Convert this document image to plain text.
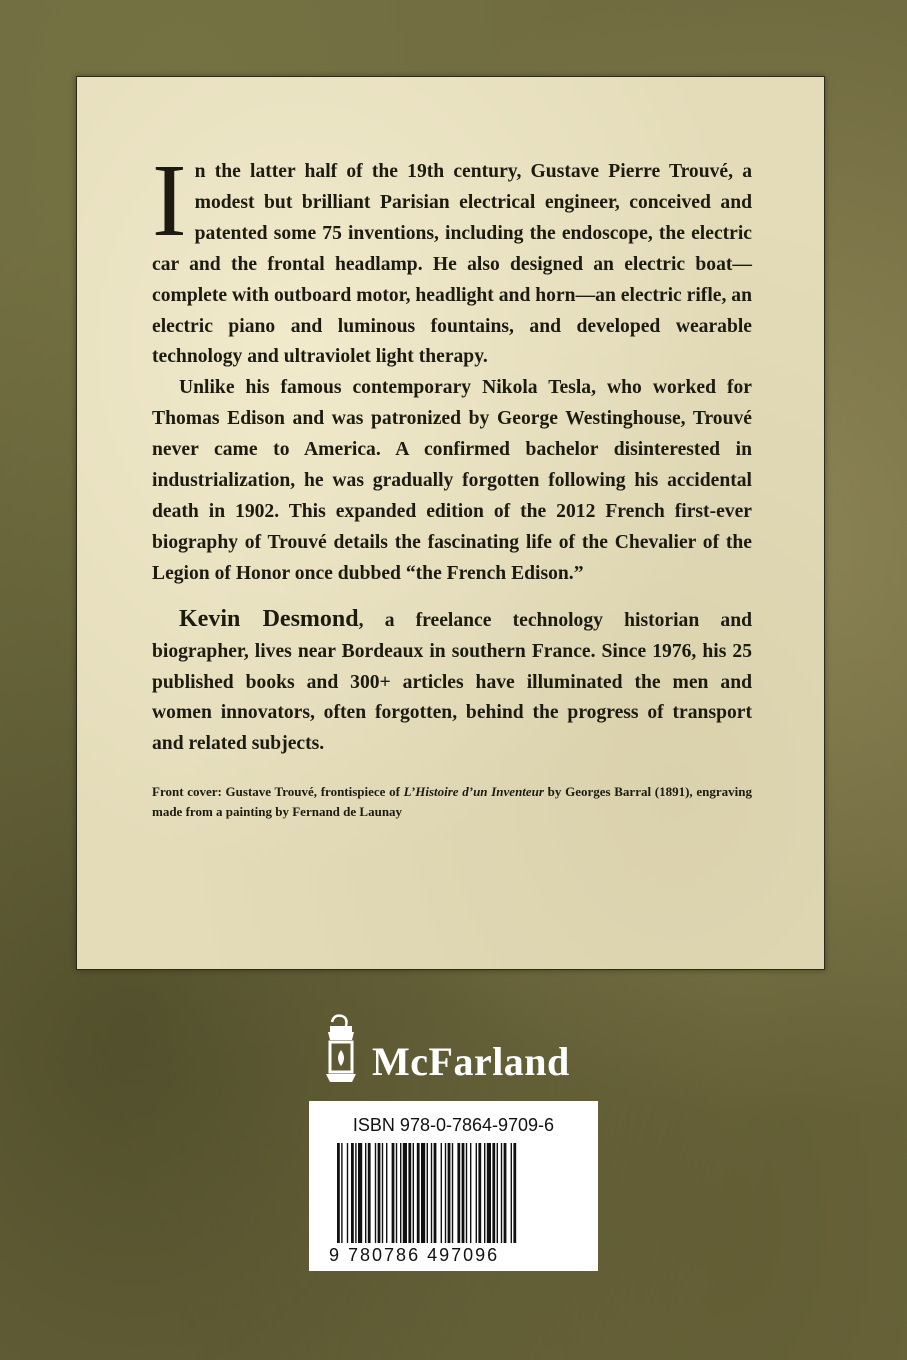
In the latter half of the 19th century, Gustave Pierre Trouvé, a modest but brilliant Parisian electrical engineer, conceived and patented some 75 inventions, including the endoscope, the electric car and the frontal headlamp. He also designed an electric boat—complete with outboard motor, headlight and horn—an electric rifle, an electric piano and luminous fountains, and developed wearable technology and ultraviolet light therapy.

Unlike his famous contemporary Nikola Tesla, who worked for Thomas Edison and was patronized by George Westinghouse, Trouvé never came to America. A confirmed bachelor disinterested in industrialization, he was gradually forgotten following his accidental death in 1902. This expanded edition of the 2012 French first-ever biography of Trouvé details the fascinating life of the Chevalier of the Legion of Honor once dubbed “the French Edison.”

Kevin Desmond, a freelance technology historian and biographer, lives near Bordeaux in southern France. Since 1976, his 25 published books and 300+ articles have illuminated the men and women innovators, often forgotten, behind the progress of transport and related subjects.

Front cover: Gustave Trouvé, frontispiece of L’Histoire d’un Inventeur by Georges Barral (1891), engraving made from a painting by Fernand de Launay

McFarland
ISBN 978-0-7864-9709-6
9 780786 497096
